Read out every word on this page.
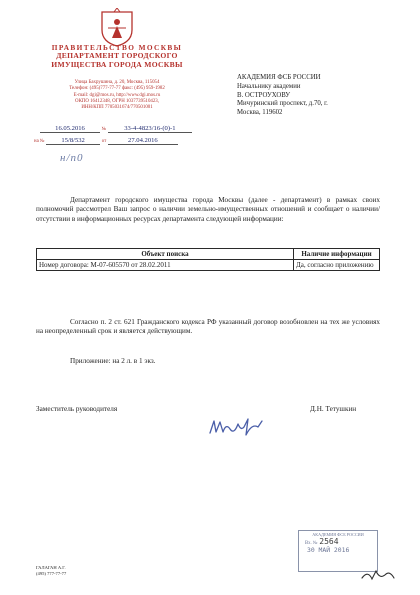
ПРАВИТЕЛЬСТВО МОСКВЫ
ДЕПАРТАМЕНТ ГОРОДСКОГО
ИМУЩЕСТВА ГОРОДА МОСКВЫ
Улица Бахрушина, д. 20, Москва, 115054
Телефон: (495)777-77-77 факс: (495) 959-1982
E-mail: dgi@mos.ru, http://www.dgi.mos.ru
ОКПО 16412348, ОГРН 1037739510423,
ИНН/КПП 7705031674/770501001
16.05.2016	№	33-4-4823/16-(0)-1
на №	15/8/532	от	27.04.2016
н/п0
АКАДЕМИЯ ФСБ РОССИИ
Начальнику академии
В. ОСТРОУХОВУ
Мичуринский проспект, д.70, г.
Москва, 119602
Департамент городского имущества города Москвы (далее - департамент) в рамках своих полномочий рассмотрел Ваш запрос о наличии земельно-имущественных отношений и сообщает о наличии/отсутствии в информационных ресурсах департамента следующей информации:
Объект поиска	Наличие информации
Номер договора: М-07-605570 от 28.02.2011	Да, согласно приложению
Согласно п. 2 ст. 621 Гражданского кодекса РФ указанный договор возобновлен на тех же условиях на неопределенный срок и является действующим.
Приложение: на 2 л. в 1 экз.
Заместитель руководителя	Д.Н. Тетушкин
АКАДЕМИЯ ФСБ РОССИИ
Вх. № 2564
30 МАЙ 2016
ГАЛАГАН А.Г.
(495) 777-77-77
